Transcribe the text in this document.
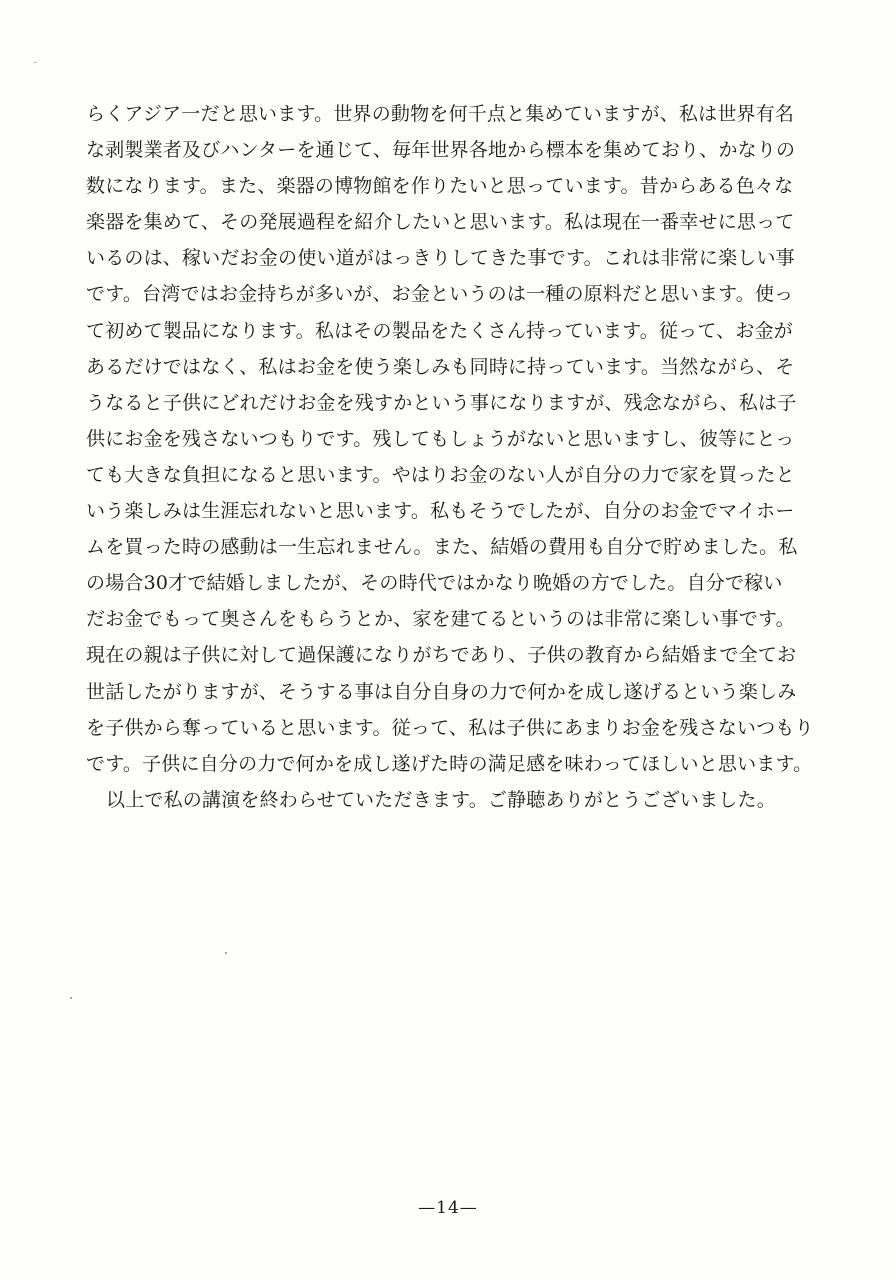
らくアジア一だと思います。世界の動物を何千点と集めていますが、私は世界有名
な剥製業者及びハンターを通じて、毎年世界各地から標本を集めており、かなりの
数になります。また、楽器の博物館を作りたいと思っています。昔からある色々な
楽器を集めて、その発展過程を紹介したいと思います。私は現在一番幸せに思って
いるのは、稼いだお金の使い道がはっきりしてきた事です。これは非常に楽しい事
です。台湾ではお金持ちが多いが、お金というのは一種の原料だと思います。使っ
て初めて製品になります。私はその製品をたくさん持っています。従って、お金が
あるだけではなく、私はお金を使う楽しみも同時に持っています。当然ながら、そ
うなると子供にどれだけお金を残すかという事になりますが、残念ながら、私は子
供にお金を残さないつもりです。残してもしょうがないと思いますし、彼等にとっ
ても大きな負担になると思います。やはりお金のない人が自分の力で家を買ったと
いう楽しみは生涯忘れないと思います。私もそうでしたが、自分のお金でマイホー
ムを買った時の感動は一生忘れません。また、結婚の費用も自分で貯めました。私
の場合30才で結婚しましたが、その時代ではかなり晩婚の方でした。自分で稼い
だお金でもって奥さんをもらうとか、家を建てるというのは非常に楽しい事です。
現在の親は子供に対して過保護になりがちであり、子供の教育から結婚まで全てお
世話したがりますが、そうする事は自分自身の力で何かを成し遂げるという楽しみ
を子供から奪っていると思います。従って、私は子供にあまりお金を残さないつもり
です。子供に自分の力で何かを成し遂げた時の満足感を味わってほしいと思います。
以上で私の講演を終わらせていただきます。ご静聴ありがとうございました。
—14—
